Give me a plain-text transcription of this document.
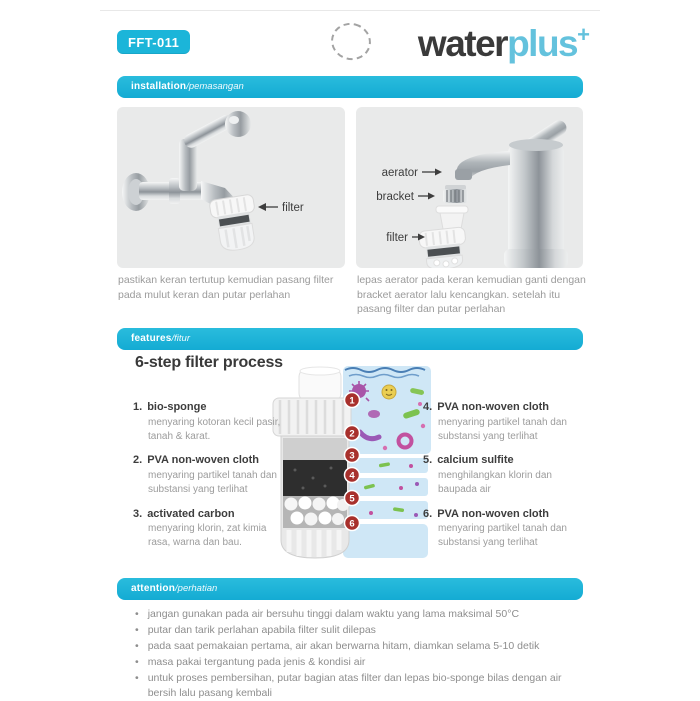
FFT-011	waterplus+
installation /pemasangan
filter
aerator
bracket
filter
pastikan keran tertutup kemudian pasang filter pada mulut keran dan putar perlahan
lepas aerator pada keran kemudian ganti dengan bracket aerator lalu kencangkan. setelah itu pasang filter dan putar perlahan
features /fitur
6-step filter process
1
2
3
4
5
6
1. bio-sponge
menyaring kotoran kecil pasir, tanah & karat.
2. PVA non-woven cloth
menyaring partikel tanah dan substansi yang terlihat
3. activated carbon
menyaring klorin, zat kimia rasa, warna dan bau.
4. PVA non-woven cloth
menyaring partikel tanah dan substansi yang terlihat
5. calcium sulfite
menghilangkan klorin dan baupada air
6. PVA non-woven cloth
menyaring partikel tanah dan substansi yang terlihat
attention /perhatian
• jangan gunakan pada air bersuhu tinggi dalam waktu yang lama maksimal 50°C
• putar dan tarik perlahan apabila filter sulit dilepas
• pada saat pemakaian pertama, air akan berwarna hitam, diamkan selama 5-10 detik
• masa pakai tergantung pada jenis & kondisi air
• untuk proses pembersihan, putar bagian atas filter dan lepas bio-sponge bilas dengan air bersih lalu pasang kembali
